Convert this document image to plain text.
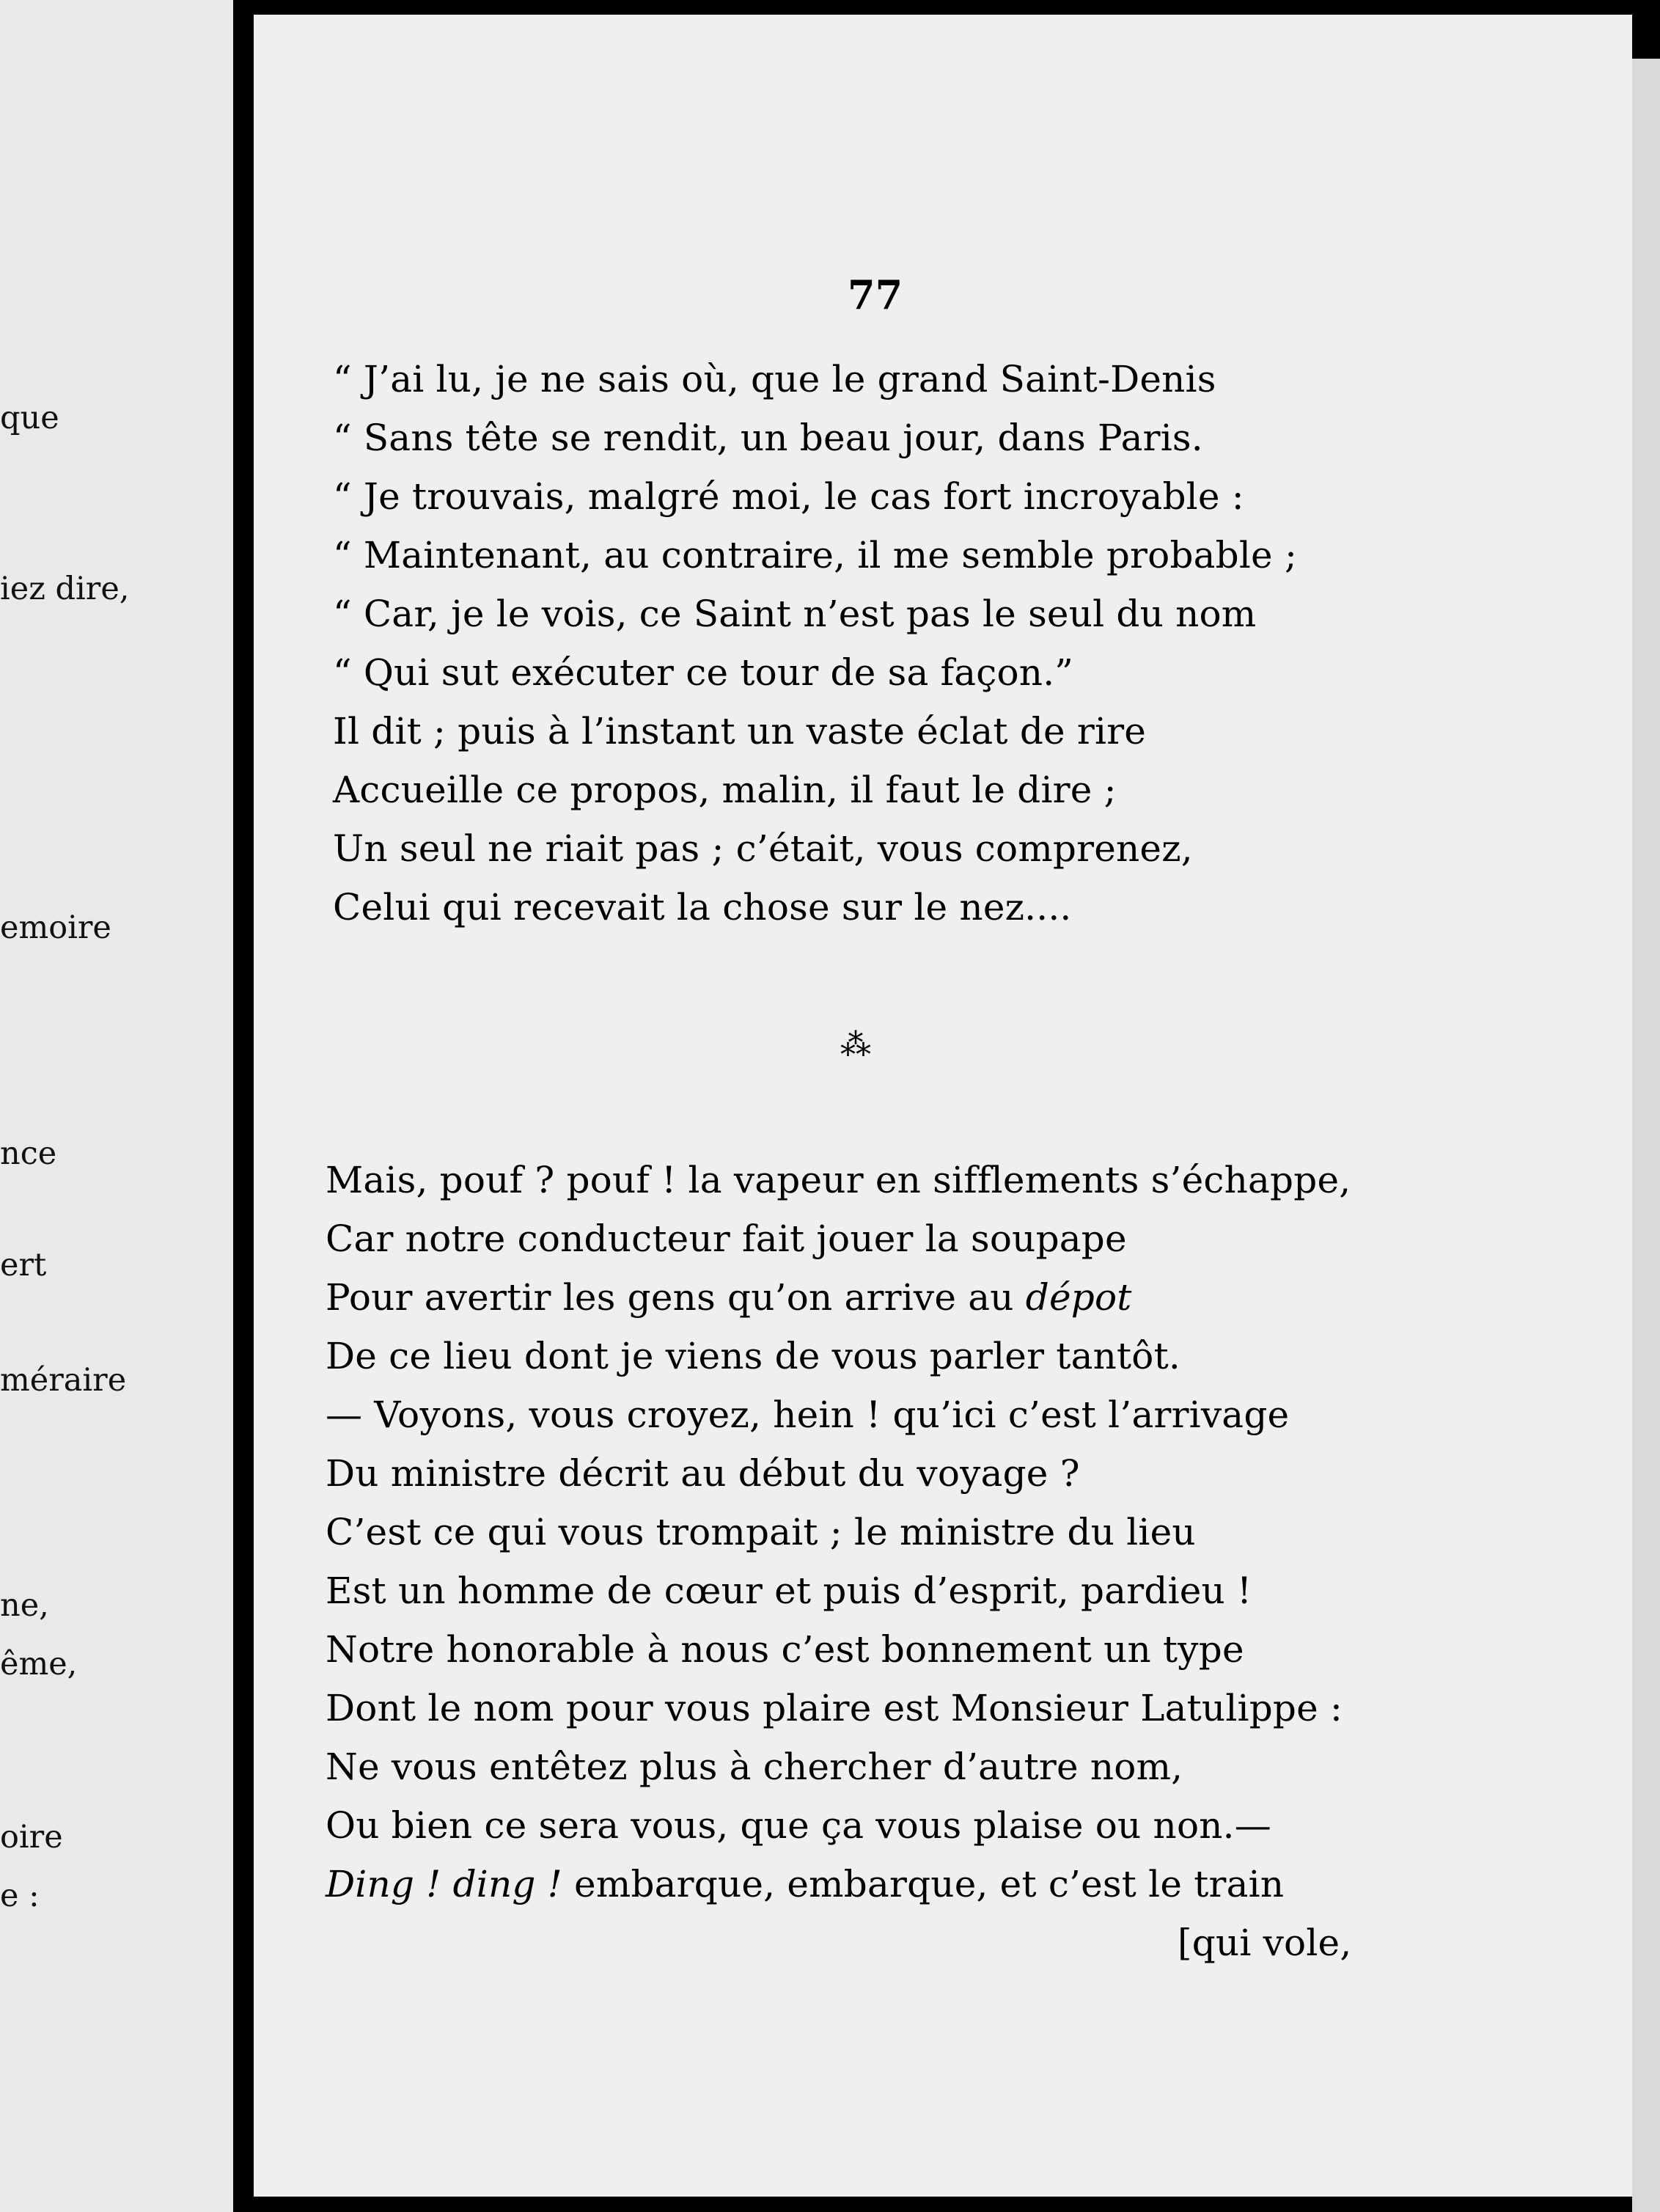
que
iez dire,
emoire
nce
ert
méraire
ne,
ême,
oire
e :
77
“ J’ai lu, je ne sais où, que le grand Saint-Denis
“ Sans tête se rendit, un beau jour, dans Paris.
“ Je trouvais, malgré moi, le cas fort incroyable :
“ Maintenant, au contraire, il me semble probable ;
“ Car, je le vois, ce Saint n’est pas le seul du nom
“ Qui sut exécuter ce tour de sa façon.”
Il dit ; puis à l’instant un vaste éclat de rire
Accueille ce propos, malin, il faut le dire ;
Un seul ne riait pas ; c’était, vous comprenez,
Celui qui recevait la chose sur le nez....
⁂
Mais, pouf ? pouf ! la vapeur en sifflements s’échappe,
Car notre conducteur fait jouer la soupape
Pour avertir les gens qu’on arrive au dépot
De ce lieu dont je viens de vous parler tantôt.
— Voyons, vous croyez, hein ! qu’ici c’est l’arrivage
Du ministre décrit au début du voyage ?
C’est ce qui vous trompait ; le ministre du lieu
Est un homme de cœur et puis d’esprit, pardieu !
Notre honorable à nous c’est bonnement un type
Dont le nom pour vous plaire est Monsieur Latulippe :
Ne vous entêtez plus à chercher d’autre nom,
Ou bien ce sera vous, que ça vous plaise ou non.—
Ding ! ding ! embarque, embarque, et c’est le train
[qui vole,
